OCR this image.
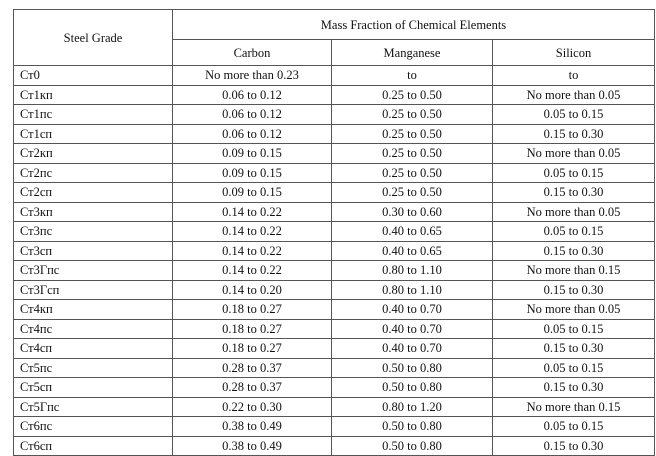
Steel Grade	Mass Fraction of Chemical Elements		
	Carbon	Manganese	Silicon
Ст0	No more than 0.23	to	to
Ст1кп	0.06 to 0.12	0.25 to 0.50	No more than 0.05
Ст1пс	0.06 to 0.12	0.25 to 0.50	0.05 to 0.15
Ст1сп	0.06 to 0.12	0.25 to 0.50	0.15 to 0.30
Ст2кп	0.09 to 0.15	0.25 to 0.50	No more than 0.05
Ст2пс	0.09 to 0.15	0.25 to 0.50	0.05 to 0.15
Ст2сп	0.09 to 0.15	0.25 to 0.50	0.15 to 0.30
Ст3кп	0.14 to 0.22	0.30 to 0.60	No more than 0.05
Ст3пс	0.14 to 0.22	0.40 to 0.65	0.05 to 0.15
Ст3сп	0.14 to 0.22	0.40 to 0.65	0.15 to 0.30
Ст3Гпс	0.14 to 0.22	0.80 to 1.10	No more than 0.15
Ст3Гсп	0.14 to 0.20	0.80 to 1.10	0.15 to 0.30
Ст4кп	0.18 to 0.27	0.40 to 0.70	No more than 0.05
Ст4пс	0.18 to 0.27	0.40 to 0.70	0.05 to 0.15
Ст4сп	0.18 to 0.27	0.40 to 0.70	0.15 to 0.30
Ст5пс	0.28 to 0.37	0.50 to 0.80	0.05 to 0.15
Ст5сп	0.28 to 0.37	0.50 to 0.80	0.15 to 0.30
Ст5Гпс	0.22 to 0.30	0.80 to 1.20	No more than 0.15
Ст6пс	0.38 to 0.49	0.50 to 0.80	0.05 to 0.15
Ст6сп	0.38 to 0.49	0.50 to 0.80	0.15 to 0.30
